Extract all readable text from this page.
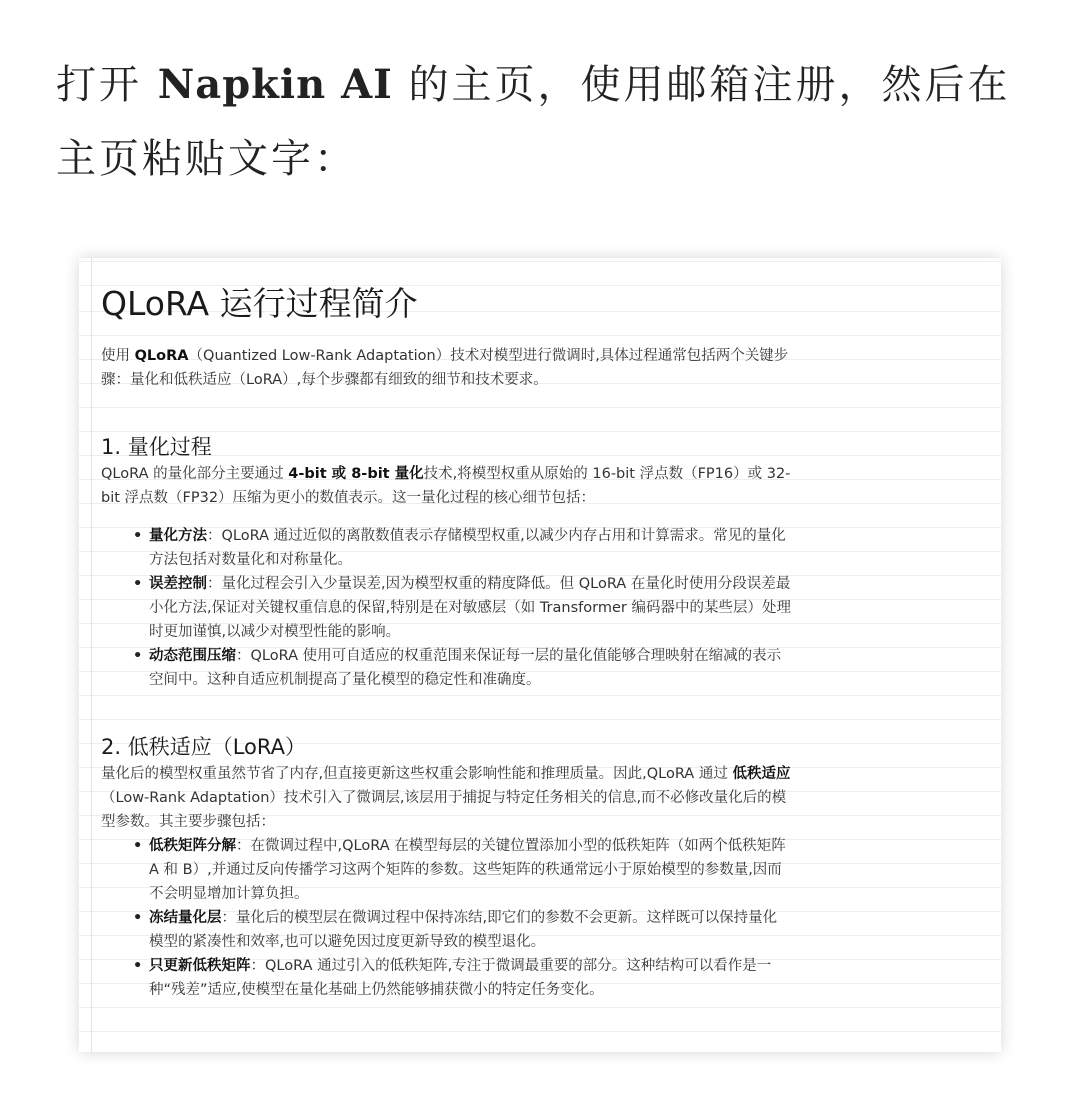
打开 Napkin AI 的主页，使用邮箱注册，然后在主页粘贴文字：
QLoRA 运行过程简介

使用 QLoRA（Quantized Low-Rank Adaptation）技术对模型进行微调时,具体过程通常包括两个关键步骤：量化和低秩适应（LoRA）,每个步骤都有细致的细节和技术要求。

1. 量化过程

QLoRA 的量化部分主要通过 4-bit 或 8-bit 量化技术,将模型权重从原始的 16-bit 浮点数（FP16）或 32-bit 浮点数（FP32）压缩为更小的数值表示。这一量化过程的核心细节包括：

• 量化方法：QLoRA 通过近似的离散数值表示存储模型权重,以减少内存占用和计算需求。常见的量化方法包括对数量化和对称量化。
• 误差控制：量化过程会引入少量误差,因为模型权重的精度降低。但 QLoRA 在量化时使用分段误差最小化方法,保证对关键权重信息的保留,特别是在对敏感层（如 Transformer 编码器中的某些层）处理时更加谨慎,以减少对模型性能的影响。
• 动态范围压缩：QLoRA 使用可自适应的权重范围来保证每一层的量化值能够合理映射在缩减的表示空间中。这种自适应机制提高了量化模型的稳定性和准确度。
2. 低秩适应（LoRA）

量化后的模型权重虽然节省了内存,但直接更新这些权重会影响性能和推理质量。因此,QLoRA 通过 低秩适应（Low-Rank Adaptation）技术引入了微调层,该层用于捕捉与特定任务相关的信息,而不必修改量化后的模型参数。其主要步骤包括：

• 低秩矩阵分解：在微调过程中,QLoRA 在模型每层的关键位置添加小型的低秩矩阵（如两个低秩矩阵 A 和 B）,并通过反向传播学习这两个矩阵的参数。这些矩阵的秩通常远小于原始模型的参数量,因而不会明显增加计算负担。
• 冻结量化层：量化后的模型层在微调过程中保持冻结,即它们的参数不会更新。这样既可以保持量化模型的紧凑性和效率,也可以避免因过度更新导致的模型退化。
• 只更新低秩矩阵：QLoRA 通过引入的低秩矩阵,专注于微调最重要的部分。这种结构可以看作是一种“残差”适应,使模型在量化基础上仍然能够捕获微小的特定任务变化。
